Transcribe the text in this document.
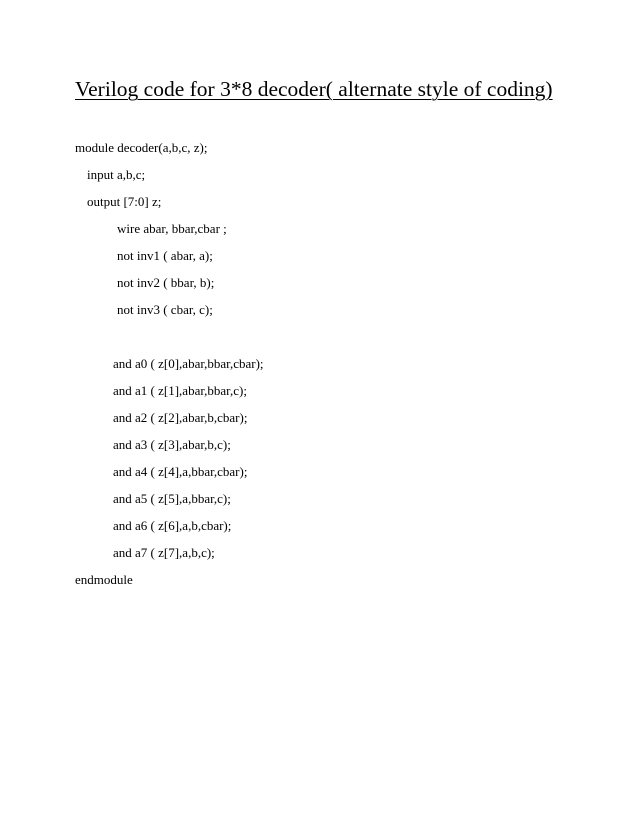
Verilog code for 3*8 decoder( alternate style of coding)
module decoder(a,b,c, z);
input a,b,c;
output [7:0] z;
wire abar, bbar,cbar ;
not inv1 ( abar, a);
not inv2 ( bbar, b);
not inv3 ( cbar, c);
and a0 ( z[0],abar,bbar,cbar);
and a1 ( z[1],abar,bbar,c);
and a2 ( z[2],abar,b,cbar);
and a3 ( z[3],abar,b,c);
and a4 ( z[4],a,bbar,cbar);
and a5 ( z[5],a,bbar,c);
and a6 ( z[6],a,b,cbar);
and a7 ( z[7],a,b,c);
endmodule
